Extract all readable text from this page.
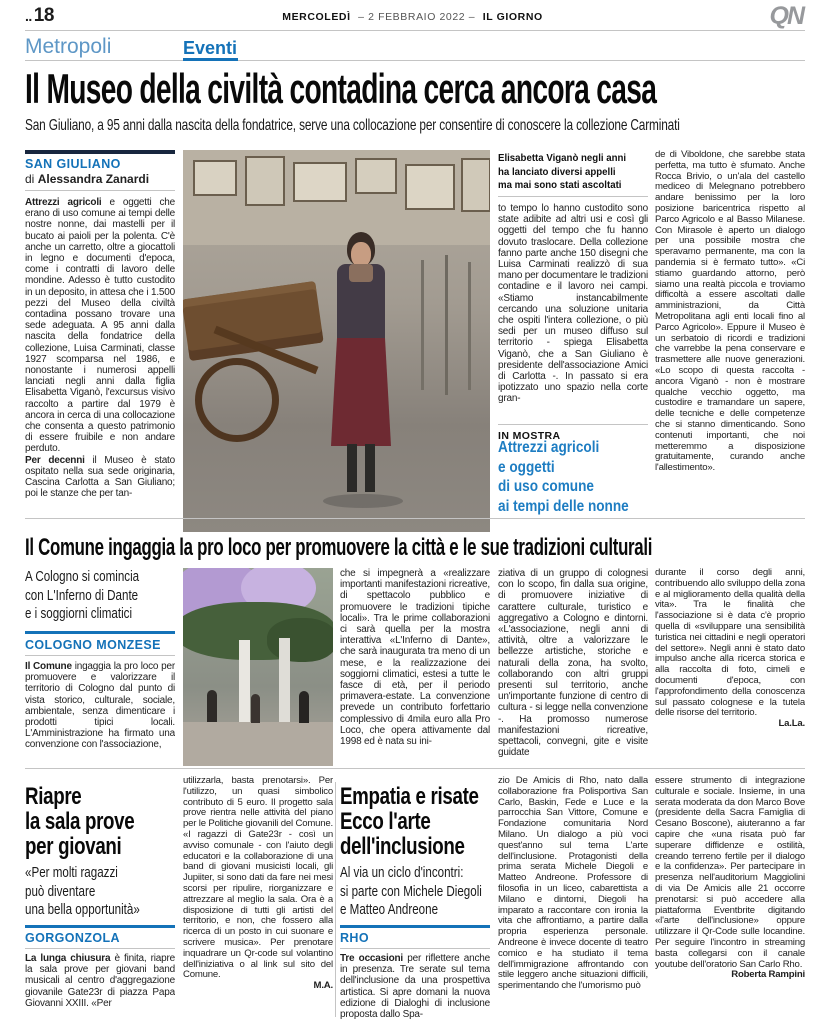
.. 18	MERCOLEDÌ – 2 FEBBRAIO 2022 – IL GIORNO	QN
Metropoli	Eventi
Il Museo della civiltà contadina cerca ancora casa
San Giuliano, a 95 anni dalla nascita della fondatrice, serve una collocazione per consentire di conoscere la collezione Carminati
SAN GIULIANO
di Alessandra Zanardi
Attrezzi agricoli e oggetti che erano di uso comune ai tempi delle nostre nonne, dai mastelli per il bucato ai paioli per la polenta. C'è anche un carretto, oltre a giocattoli in legno e documenti d'epoca, come i contratti di lavoro delle mondine. Adesso è tutto custodito in un deposito, in attesa che i 1.500 pezzi del Museo della civiltà contadina possano trovare una sede adeguata. A 95 anni dalla nascita della fondatrice della collezione, Luisa Carminati, classe 1927 scomparsa nel 1986, e nonostante i numerosi appelli lanciati negli anni dalla figlia Elisabetta Viganò, l'excursus visivo raccolto a partire dal 1979 è ancora in cerca di una collocazione che consenta a questo patrimonio di essere fruibile e non andare perduto.
Per decenni il Museo è stato ospitato nella sua sede originaria, Cascina Carlotta a San Giuliano; poi le stanze che per tan-
Elisabetta Viganò negli anni
ha lanciato diversi appelli
ma mai sono stati ascoltati
to tempo lo hanno custodito sono state adibite ad altri usi e così gli oggetti del tempo che fu hanno dovuto traslocare. Della collezione fanno parte anche 150 disegni che Luisa Carminati realizzò di sua mano per documentare le tradizioni contadine e il lavoro nei campi. «Stiamo instancabilmente cercando una soluzione unitaria che ospiti l'intera collezione, o più sedi per un museo diffuso sul territorio - spiega Elisabetta Viganò, che a San Giuliano è presidente dell'associazione Amici di Carlotta -. In passato si era ipotizzato uno spazio nella corte gran-
IN MOSTRA
Attrezzi agricoli
e oggetti
di uso comune
ai tempi delle nonne
de di Viboldone, che sarebbe stata perfetta, ma tutto è sfumato. Anche Rocca Brivio, o un'ala del castello mediceo di Melegnano potrebbero andare benissimo per la loro posizione baricentrica rispetto al Parco Agricolo e al Basso Milanese. Con Mirasole è aperto un dialogo per una possibile mostra che speravamo permanente, ma con la pandemia si è fermato tutto». «Ci stiamo guardando attorno, però siamo una realtà piccola e troviamo difficoltà a essere ascoltati dalle amministrazioni, da Città Metropolitana agli enti locali fino al Parco Agricolo». Eppure il Museo è un serbatoio di ricordi e tradizioni che varrebbe la pena conservare e trasmettere alle nuove generazioni. «Lo scopo di questa raccolta - ancora Viganò - non è mostrare qualche vecchio oggetto, ma custodire e tramandare un sapere, delle tecniche e delle competenze che si stanno dimenticando. Sono contenuti importanti, che noi metteremmo a disposizione gratuitamente, curando anche l'allestimento».
Il Comune ingaggia la pro loco per promuovere la città e le sue tradizioni culturali
A Cologno si comincia
con L'Inferno di Dante
e i soggiorni climatici
COLOGNO MONZESE
Il Comune ingaggia la pro loco per promuovere e valorizzare il territorio di Cologno dal punto di vista storico, culturale, sociale, ambientale, senza dimenticare i prodotti tipici locali. L'Amministrazione ha firmato una convenzione con l'associazione,
che si impegnerà a «realizzare importanti manifestazioni ricreative, di spettacolo pubblico e promuovere le tradizioni tipiche locali». Tra le prime collaborazioni ci sarà quella per la mostra interattiva «L'Inferno di Dante», che sarà inaugurata tra meno di un mese, e la realizzazione dei soggiorni climatici, estesi a tutte le fasce di età, per il periodo primavera-estate. La convenzione prevede un contributo forfettario complessivo di 4mila euro alla Pro Loco, che opera attivamente dal 1998 ed è nata su ini-
ziativa di un gruppo di colognesi con lo scopo, fin dalla sua origine, di promuovere iniziative di carattere culturale, turistico e aggregativo a Cologno e dintorni. «L'associazione, negli anni di attività, oltre a valorizzare le bellezze artistiche, storiche e naturali della zona, ha svolto, collaborando con altri gruppi presenti sul territorio, anche un'importante funzione di centro di cultura - si legge nella convenzione -. Ha promosso numerose manifestazioni ricreative, spettacoli, convegni, gite e visite guidate
durante il corso degli anni, contribuendo allo sviluppo della zona e al miglioramento della qualità della vita». Tra le finalità che l'associazione si è data c'è proprio quella di «sviluppare una sensibilità turistica nei cittadini e negli operatori del settore». Negli anni è stato dato impulso anche alla ricerca storica e alla raccolta di foto, cimeli e documenti d'epoca, con l'approfondimento della conoscenza sul passato colognese e la tutela delle risorse del territorio.
La.La.
Riapre
la sala prove
per giovani
«Per molti ragazzi
può diventare
una bella opportunità»
GORGONZOLA
La lunga chiusura è finita, riapre la sala prove per giovani band musicali al centro d'aggregazione giovanile Gate23r di piazza Papa Giovanni XXIII. «Per
utilizzarla, basta prenotarsi». Per l'utilizzo, un quasi simbolico contributo di 5 euro. Il progetto sala prove rientra nelle attività del piano per le Politiche giovanili del Comune. «I ragazzi di Gate23r - così un avviso comunale - con l'aiuto degli educatori e la collaborazione di una band di giovani musicisti locali, gli Jupiiter, si sono dati da fare nei mesi scorsi per ripulire, riorganizzare e attrezzare al meglio la sala. Ora è a disposizione di tutti gli artisti del territorio, e non, che fossero alla ricerca di un posto in cui suonare e scrivere musica». Per prenotare inquadrare un Qr-code sul volantino dell'iniziativa o al link sul sito del Comune.
M.A.
Empatia e risate
Ecco l'arte
dell'inclusione
Al via un ciclo d'incontri:
si parte con Michele Diegoli
e Matteo Andreone
RHO
Tre occasioni per riflettere anche in presenza. Tre serate sul tema dell'inclusione da una prospettiva artistica. Si apre domani la nuova edizione di Dialoghi di inclusione proposta dallo Spa-
zio De Amicis di Rho, nato dalla collaborazione fra Polisportiva San Carlo, Baskin, Fede e Luce e la parrocchia San Vittore, Comune e Fondazione comunitaria Nord Milano. Un dialogo a più voci quest'anno sul tema L'arte dell'inclusione. Protagonisti della prima serata Michele Diegoli e Matteo Andreone. Professore di filosofia in un liceo, cabarettista a Milano e dintorni, Diegoli ha imparato a raccontare con ironia la vita che affrontiamo, a partire dalla propria esperienza personale. Andreone è invece docente di teatro comico e ha studiato il tema dell'immigrazione affrontando con stile leggero anche situazioni difficili, sperimentando che l'umorismo può
essere strumento di integrazione culturale e sociale. Insieme, in una serata moderata da don Marco Bove (presidente della Sacra Famiglia di Cesano Boscone), aiuteranno a far capire che «una risata può far superare diffidenze e ostilità, creando terreno fertile per il dialogo e la confidenza». Per partecipare in presenza nell'auditorium Maggiolini di via De Amicis alle 21 occorre prenotarsi: si può accedere alla piattaforma Eventbrite digitando «l'arte dell'inclusione» oppure utilizzare il Qr-Code sulle locandine. Per seguire l'incontro in streaming basta collegarsi con il canale youtube dell'oratorio San Carlo Rho.
Roberta Rampini
